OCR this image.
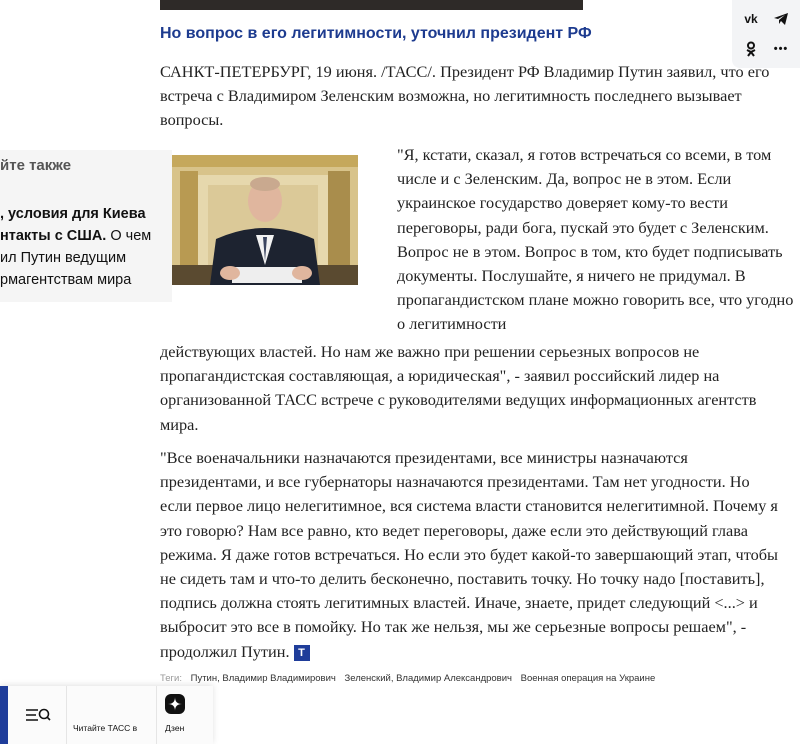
Но вопрос в его легитимности, уточнил президент РФ
vk
•••

САНКТ-ПЕТЕРБУРГ, 19 июня. /ТАСС/. Президент РФ Владимир Путин заявил, что его встреча с Владимиром Зеленским возможна, но легитимность последнего вызывает вопросы.

йте также
, условия для Киева
нтакты с США. О чем
ил Путин ведущим
рмагентствам мира

"Я, кстати, сказал, я готов встречаться со всеми, в том числе и с Зеленским. Да, вопрос не в этом. Если украинское государство доверяет кому-то вести переговоры, ради бога, пускай это будет с Зеленским. Вопрос не в этом. Вопрос в том, кто будет подписывать документы. Послушайте, я ничего не придумал. В пропагандистском плане можно говорить все, что угодно о легитимности

действующих властей. Но нам же важно при решении серьезных вопросов не пропагандистская составляющая, а юридическая", - заявил российский лидер на организованной ТАСС встрече с руководителями ведущих информационных агентств мира.

"Все военачальники назначаются президентами, все министры назначаются президентами, и все губернаторы назначаются президентами. Там нет угодности. Но если первое лицо нелегитимное, вся система власти становится нелегитимной. Почему я это говорю? Нам все равно, кто ведет переговоры, даже если это действующий глава режима. Я даже готов встречаться. Но если это будет какой-то завершающий этап, чтобы не сидеть там и что-то делить бесконечно, поставить точку. Но точку надо [поставить], подпись должна стоять легитимных властей. Иначе, знаете, придет следующий <...> и выбросит это все в помойку. Но так же нельзя, мы же серьезные вопросы решаем", - продолжил Путин. T

Теги: Путин, Владимир Владимирович Зеленский, Владимир Александрович Военная операция на Украине
Читайте ТАСС в	Дзен
